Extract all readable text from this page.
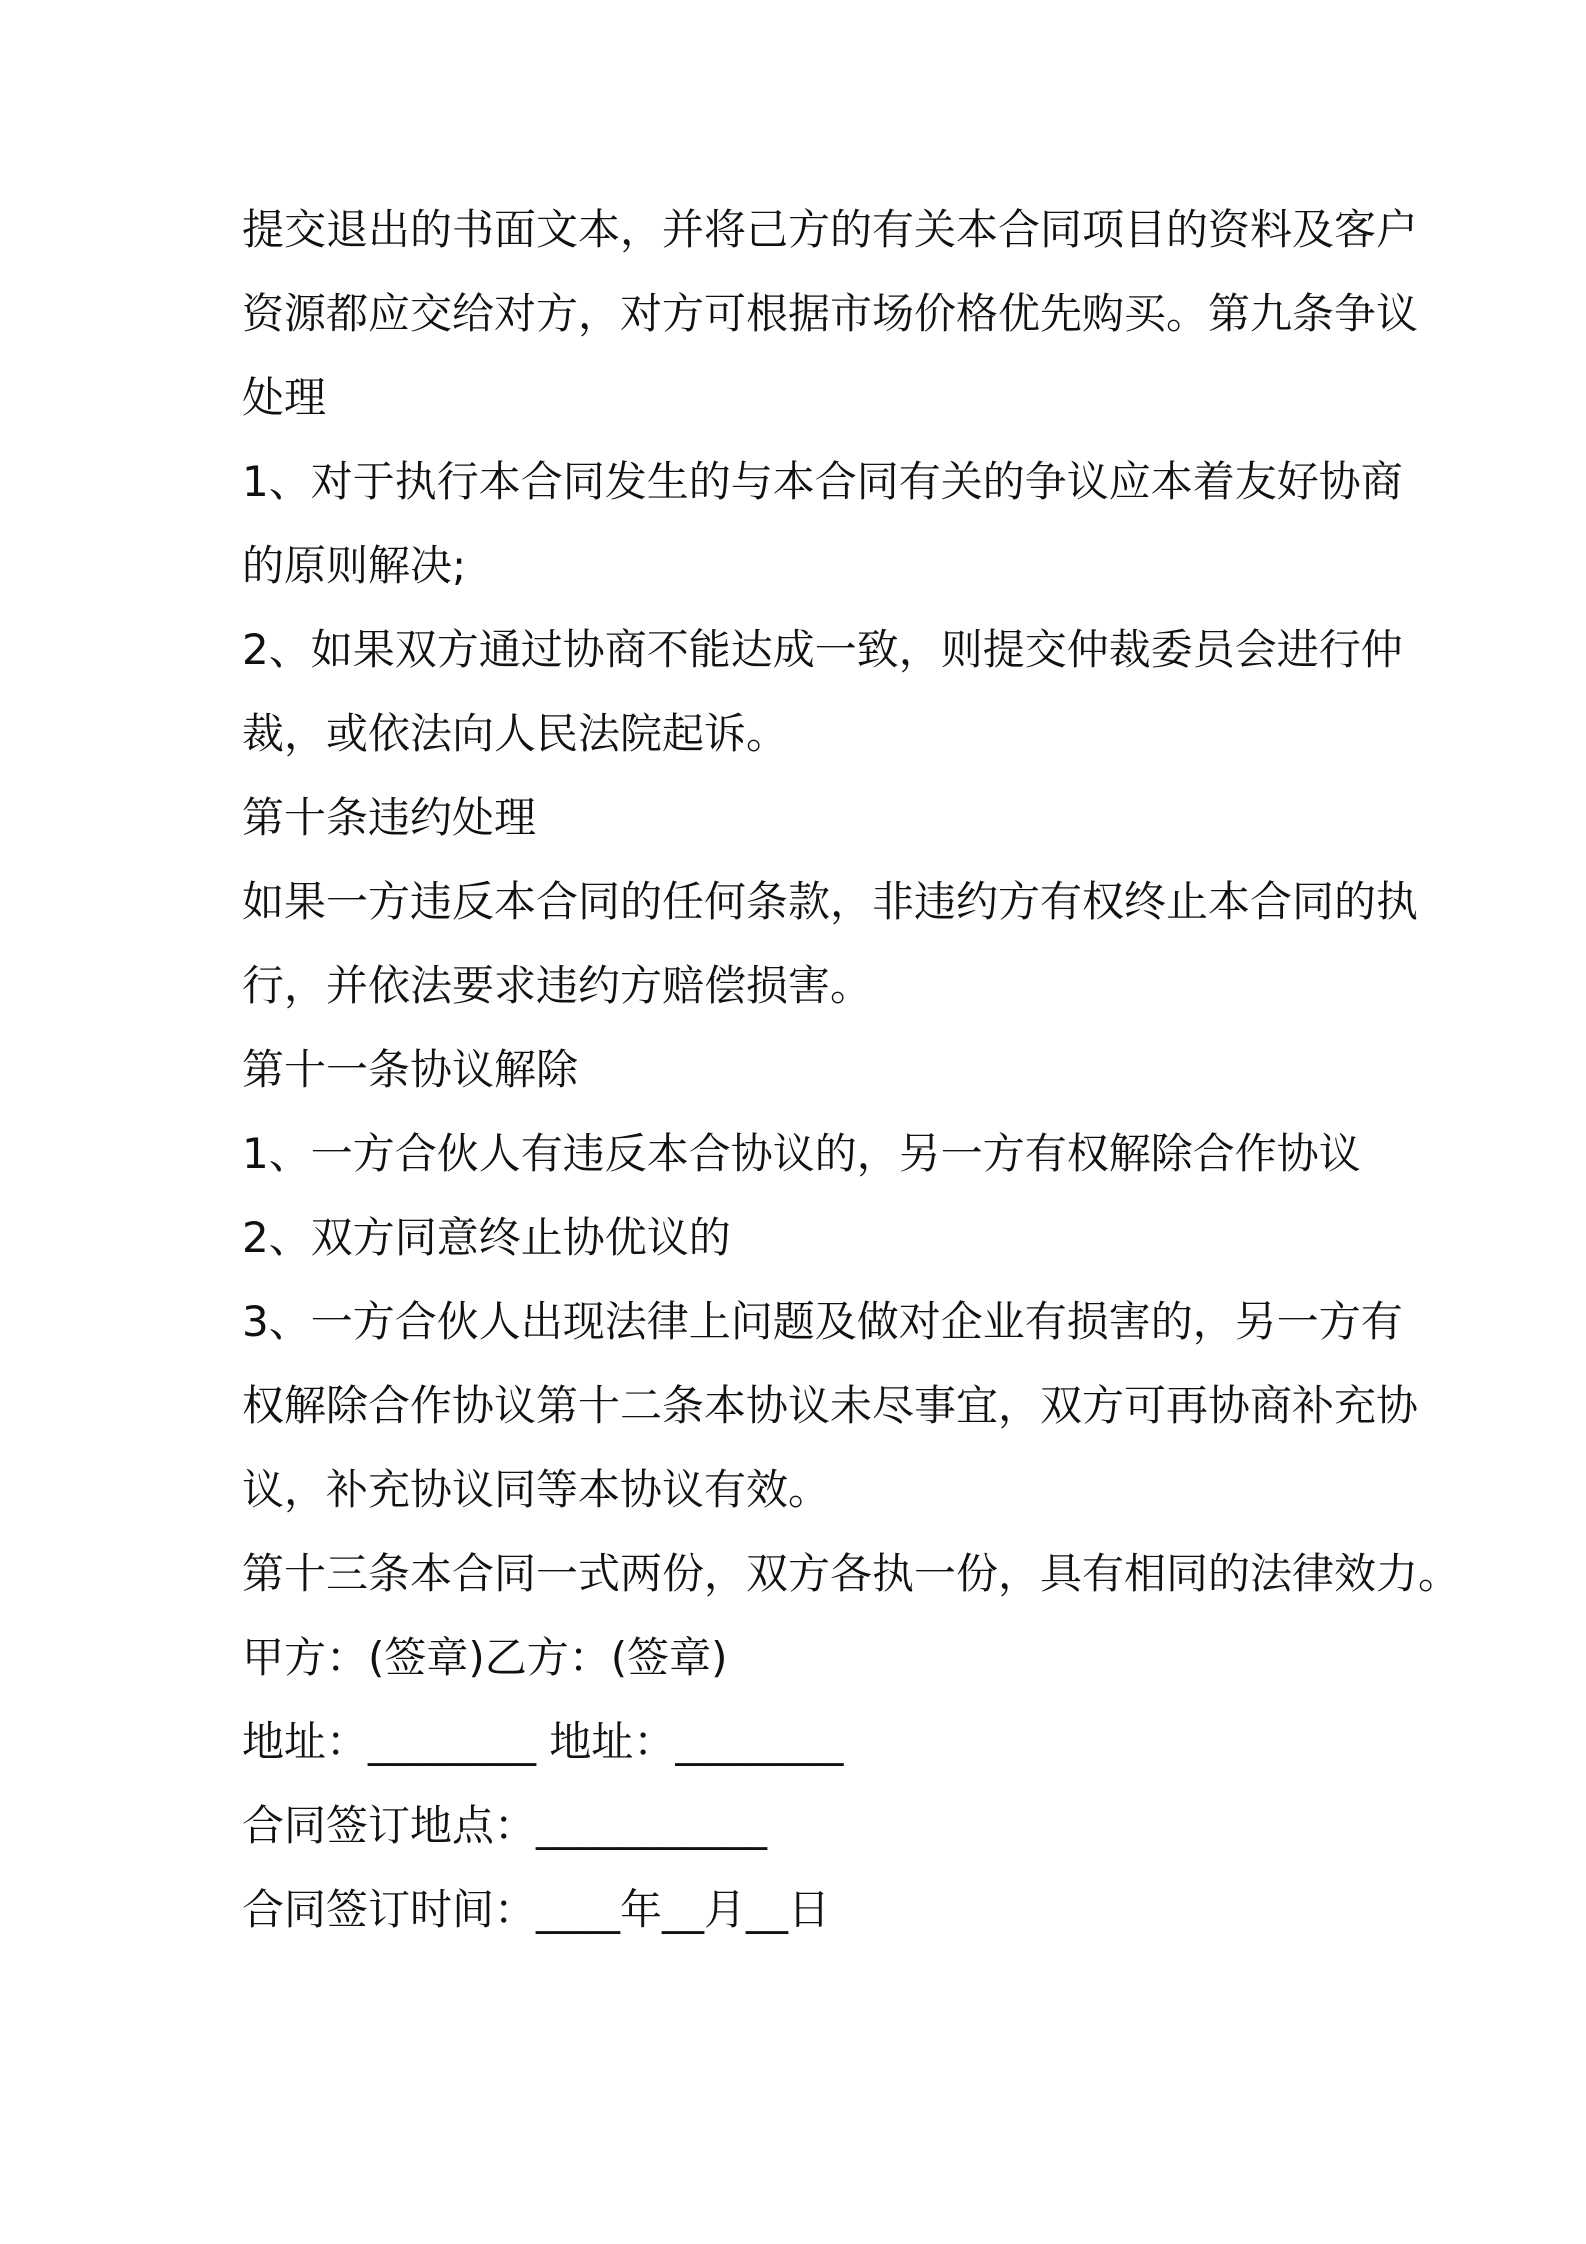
提交退出的书面文本，并将己方的有关本合同项目的资料及客户
资源都应交给对方，对方可根据市场价格优先购买。第九条争议
处理
1、对于执行本合同发生的与本合同有关的争议应本着友好协商
的原则解决;
2、如果双方通过协商不能达成一致，则提交仲裁委员会进行仲
裁，或依法向人民法院起诉。
第十条违约处理
如果一方违反本合同的任何条款，非违约方有权终止本合同的执
行，并依法要求违约方赔偿损害。
第十一条协议解除
1、一方合伙人有违反本合协议的，另一方有权解除合作协议
2、双方同意终止协优议的
3、一方合伙人出现法律上问题及做对企业有损害的，另一方有
权解除合作协议第十二条本协议未尽事宜，双方可再协商补充协
议，补充协议同等本协议有效。
第十三条本合同一式两份，双方各执一份，具有相同的法律效力。
甲方：(签章)乙方：(签章)
地址：________ 地址：________
合同签订地点：___________
合同签订时间：____年__月__日
